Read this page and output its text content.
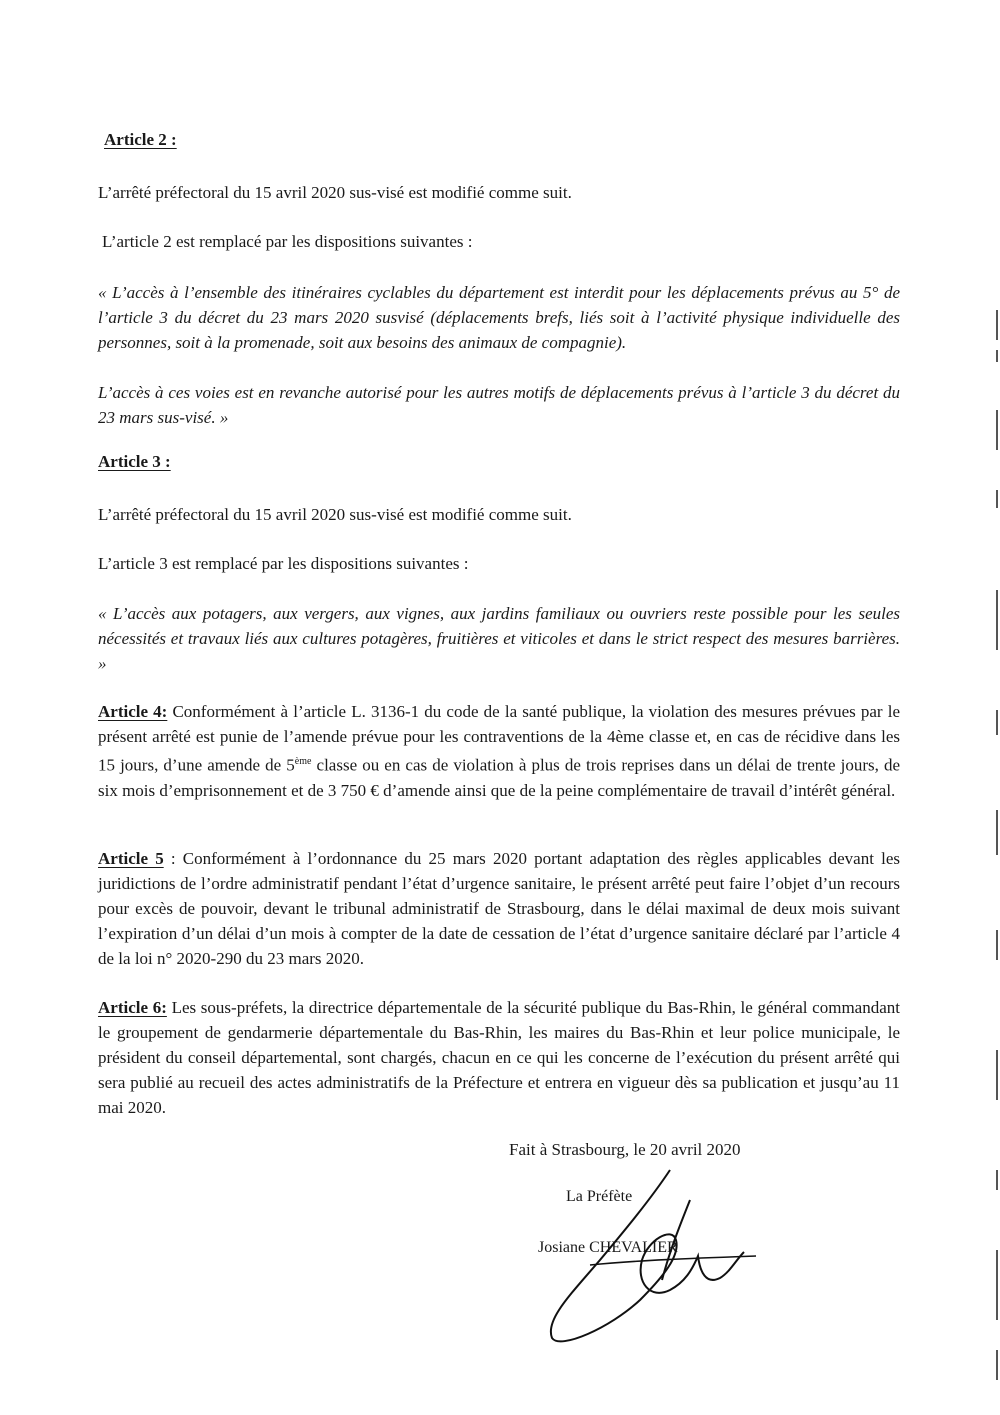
Article 2 :

L’arrêté préfectoral du 15 avril 2020 sus-visé est modifié comme suit.

L’article 2 est remplacé par les dispositions suivantes :

« L’accès à l’ensemble des itinéraires cyclables du département est interdit pour les déplacements prévus au 5° de l’article 3 du décret du 23 mars 2020 susvisé (déplacements brefs, liés soit à l’activité physique individuelle des personnes, soit à la promenade, soit aux besoins des animaux de compagnie).

L’accès à ces voies est en revanche autorisé pour les autres motifs de déplacements prévus à l’article 3 du décret du 23 mars sus-visé. »

Article 3 :

L’arrêté préfectoral du 15 avril 2020 sus-visé est modifié comme suit.

L’article 3 est remplacé par les dispositions suivantes :

« L’accès aux potagers, aux vergers, aux vignes, aux jardins familiaux ou ouvriers reste possible pour les seules nécessités et travaux liés aux cultures potagères, fruitières et viticoles et dans le strict respect des mesures barrières. »

Article 4: Conformément à l’article L. 3136-1 du code de la santé publique, la violation des mesures prévues par le présent arrêté est punie de l’amende prévue pour les contraventions de la 4ème classe et, en cas de récidive dans les 15 jours, d’une amende de 5ème classe ou en cas de violation à plus de trois reprises dans un délai de trente jours, de six mois d’emprisonnement et de 3 750 € d’amende ainsi que de la peine complémentaire de travail d’intérêt général.

Article 5 : Conformément à l’ordonnance du 25 mars 2020 portant adaptation des règles applicables devant les juridictions de l’ordre administratif pendant l’état d’urgence sanitaire, le présent arrêté peut faire l’objet d’un recours pour excès de pouvoir, devant le tribunal administratif de Strasbourg, dans le délai maximal de deux mois suivant l’expiration d’un délai d’un mois à compter de la date de cessation de l’état d’urgence sanitaire déclaré par l’article 4 de la loi n° 2020-290 du 23 mars 2020.

Article 6: Les sous-préfets, la directrice départementale de la sécurité publique du Bas-Rhin, le général commandant le groupement de gendarmerie départementale du Bas-Rhin, les maires du Bas-Rhin et leur police municipale, le président du conseil départemental, sont chargés, chacun en ce qui les concerne de l’exécution du présent arrêté qui sera publié au recueil des actes administratifs de la Préfecture et entrera en vigueur dès sa publication et jusqu’au 11 mai 2020.

Fait à Strasbourg, le 20 avril 2020
La Préfète
Josiane CHEVALIER
